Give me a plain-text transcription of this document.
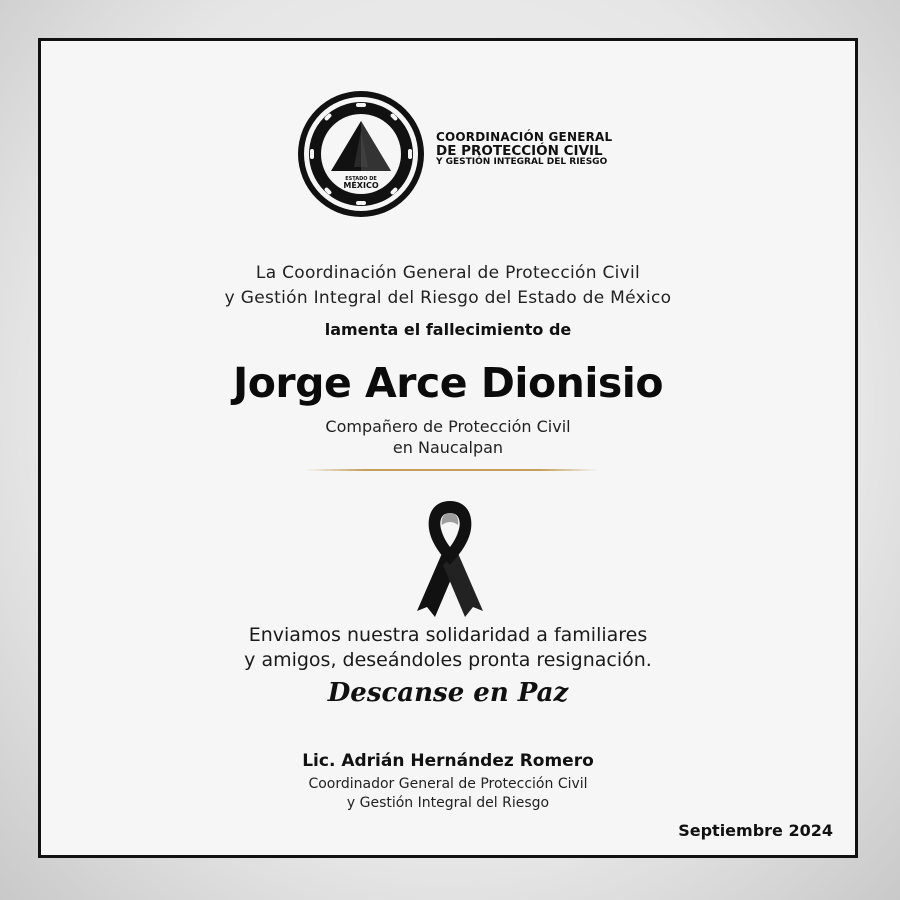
ESTADO DE
MÉXICO
COORDINACIÓN GENERAL
DE PROTECCIÓN CIVIL
Y GESTIÓN INTEGRAL DEL RIESGO
La Coordinación General de Protección Civil
y Gestión Integral del Riesgo del Estado de México
lamenta el fallecimiento de
Jorge Arce Dionisio
Compañero de Protección Civil
en Naucalpan
Enviamos nuestra solidaridad a familiares
y amigos, deseándoles pronta resignación.
Descanse en Paz
Lic. Adrián Hernández Romero
Coordinador General de Protección Civil
y Gestión Integral del Riesgo
Septiembre 2024
